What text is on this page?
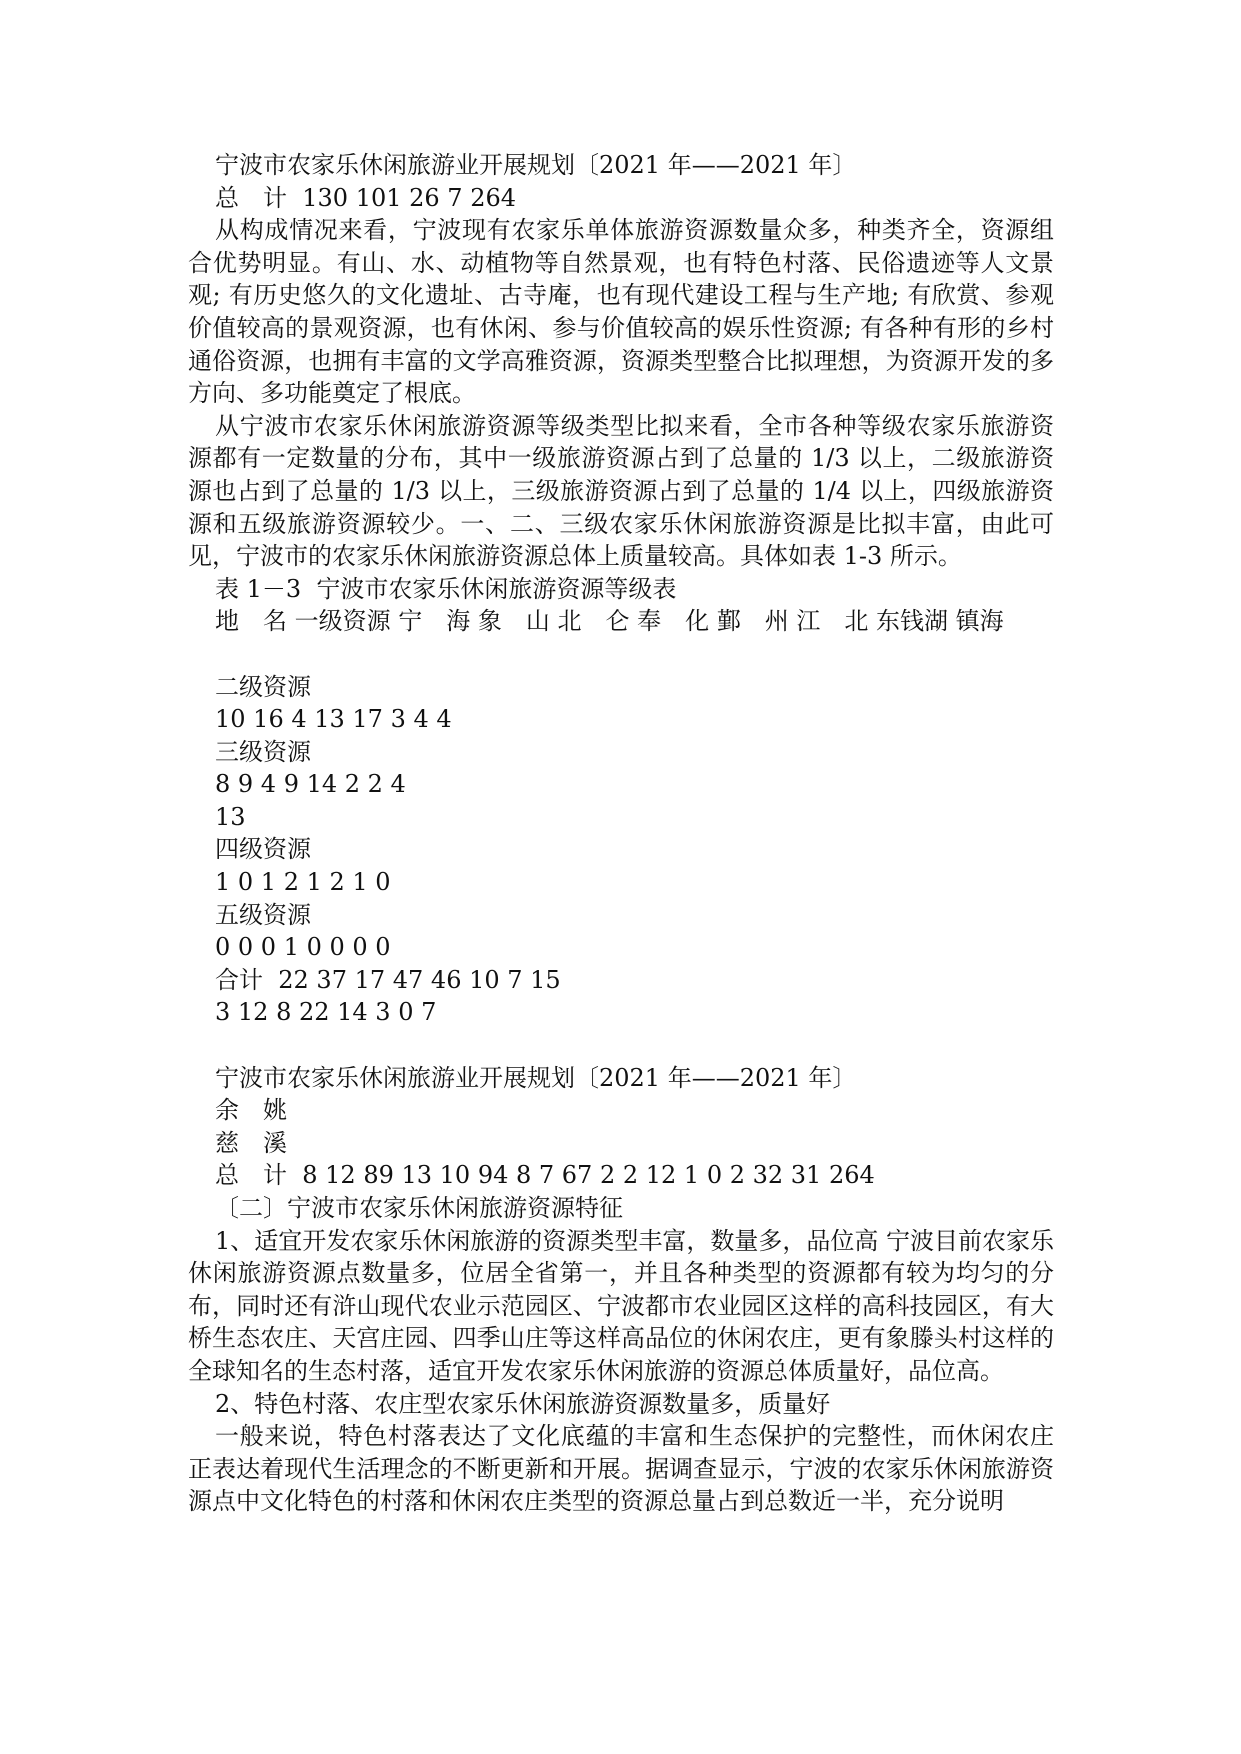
宁波市农家乐休闲旅游业开展规划〔2021 年——2021 年〕
总　计  130 101 26 7 264
从构成情况来看，宁波现有农家乐单体旅游资源数量众多，种类齐全，资源组合优势明显。有山、水、动植物等自然景观，也有特色村落、民俗遗迹等人文景观; 有历史悠久的文化遗址、古寺庵，也有现代建设工程与生产地; 有欣赏、参观价值较高的景观资源，也有休闲、参与价值较高的娱乐性资源; 有各种有形的乡村通俗资源，也拥有丰富的文学高雅资源，资源类型整合比拟理想，为资源开发的多方向、多功能奠定了根底。
从宁波市农家乐休闲旅游资源等级类型比拟来看，全市各种等级农家乐旅游资源都有一定数量的分布，其中一级旅游资源占到了总量的 1/3 以上，二级旅游资源也占到了总量的 1/3 以上，三级旅游资源占到了总量的 1/4 以上，四级旅游资源和五级旅游资源较少。一、二、三级农家乐休闲旅游资源是比拟丰富，由此可见，宁波市的农家乐休闲旅游资源总体上质量较高。具体如表 1-3 所示。
表 1－3  宁波市农家乐休闲旅游资源等级表
地　名 一级资源 宁　海 象　山 北　仑 奉　化 鄞　州 江　北 东钱湖 镇海
二级资源
10 16 4 13 17 3 4 4
三级资源
8 9 4 9 14 2 2 4
13
四级资源
1 0 1 2 1 2 1 0
五级资源
0 0 0 1 0 0 0 0
合计  22 37 17 47 46 10 7 15
3 12 8 22 14 3 0 7
宁波市农家乐休闲旅游业开展规划〔2021 年——2021 年〕
余　姚
慈　溪
总　计  8 12 89 13 10 94 8 7 67 2 2 12 1 0 2 32 31 264
〔二〕宁波市农家乐休闲旅游资源特征
1、适宜开发农家乐休闲旅游的资源类型丰富，数量多，品位高 宁波目前农家乐休闲旅游资源点数量多，位居全省第一，并且各种类型的资源都有较为均匀的分布，同时还有浒山现代农业示范园区、宁波都市农业园区这样的高科技园区，有大桥生态农庄、天宫庄园、四季山庄等这样高品位的休闲农庄，更有象滕头村这样的全球知名的生态村落，适宜开发农家乐休闲旅游的资源总体质量好，品位高。
2、特色村落、农庄型农家乐休闲旅游资源数量多，质量好
一般来说，特色村落表达了文化底蕴的丰富和生态保护的完整性，而休闲农庄正表达着现代生活理念的不断更新和开展。据调查显示，宁波的农家乐休闲旅游资源点中文化特色的村落和休闲农庄类型的资源总量占到总数近一半，充分说明
